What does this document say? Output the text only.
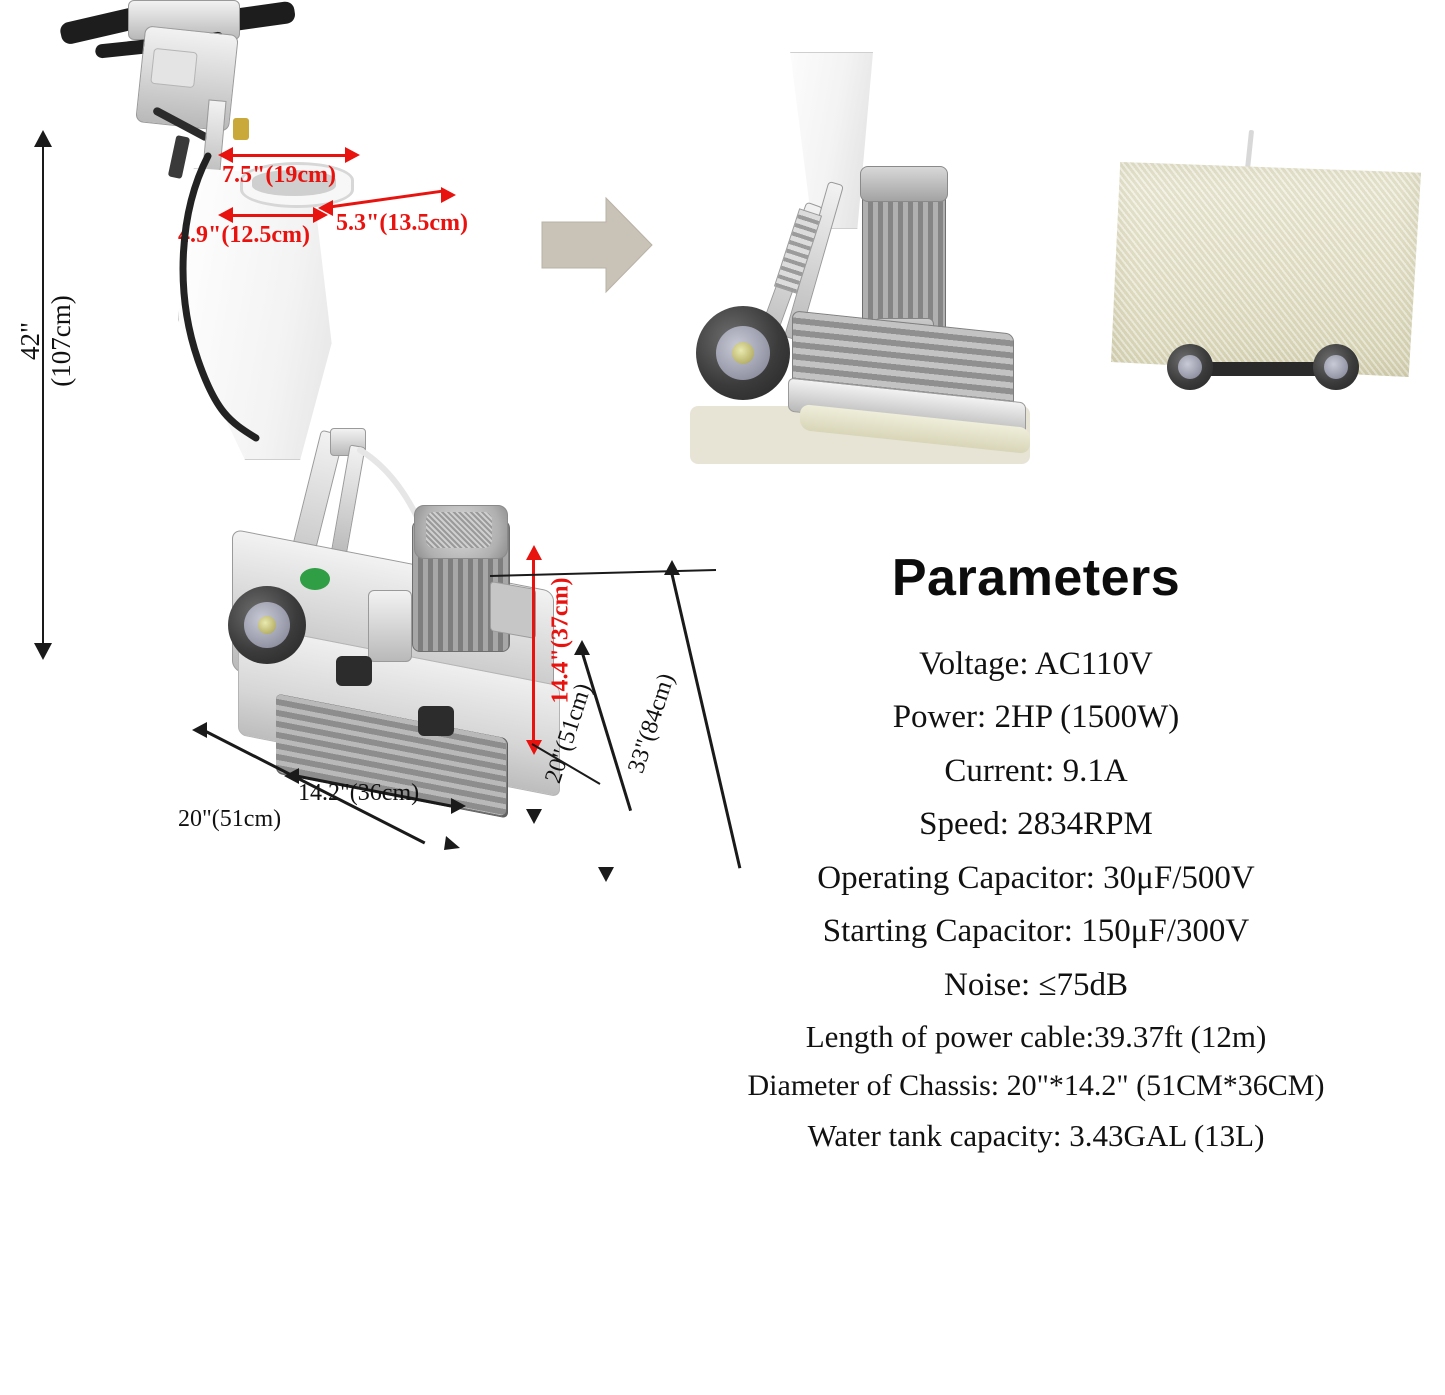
42"
(107cm)
7.5"(19cm)
5.3"(13.5cm)
4.9"(12.5cm)
14.4"(37cm)
14.2"(36cm)
20"(51cm)
20"(51cm)	33"(84cm)
Parameters
Voltage: AC110V
Power: 2HP (1500W)
Current: 9.1A
Speed: 2834RPM
Operating Capacitor: 30μF/500V
Starting Capacitor: 150μF/300V
Noise: ≤75dB
Length of power cable:39.37ft (12m)
Diameter of Chassis: 20"*14.2" (51CM*36CM)
Water tank capacity: 3.43GAL (13L)
